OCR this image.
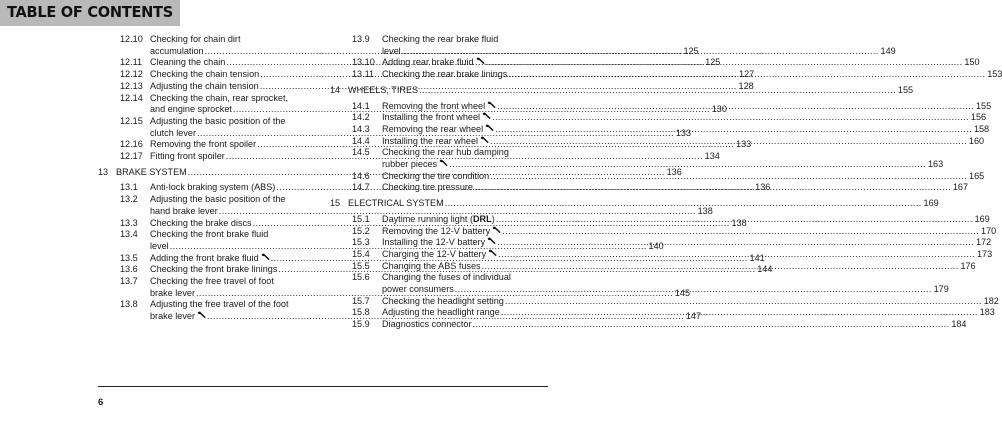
TABLE OF CONTENTS
12.10 Checking for chain dirt
accumulation .....	125
12.11 Cleaning the chain .....	125
12.12 Checking the chain tension .....	127
12.13 Adjusting the chain tension .....	128
12.14 Checking the chain, rear sprocket,
and engine sprocket .....	130
12.15 Adjusting the basic position of the
clutch lever .....	133
12.16 Removing the front spoiler .....	133
12.17 Fitting front spoiler .....	134
13 BRAKE SYSTEM .....	136
13.1	Anti-lock braking system (ABS) .....	136
13.2	Adjusting the basic position of the
hand brake lever .....	138
13.3	Checking the brake discs .....	138
13.4	Checking the front brake fluid
level .....	140
13.5	Adding the front brake fluid .....	141
13.6	Checking the front brake linings .....	144
13.7	Checking the free travel of foot
brake lever .....	145
13.8	Adjusting the free travel of the foot
brake lever .....	147
13.9	Checking the rear brake fluid
level .....	149
13.10 Adding rear brake fluid .....	150
13.11 Checking the rear brake linings .....	153
14 WHEELS, TIRES .....	155
14.1	Removing the front wheel .....	155
14.2	Installing the front wheel .....	156
14.3	Removing the rear wheel .....	158
14.4	Installing the rear wheel .....	160
14.5	Checking the rear hub damping
rubber pieces .....	163
14.6	Checking the tire condition .....	165
14.7	Checking tire pressure .....	167
15 ELECTRICAL SYSTEM .....	169
15.1	Daytime running light (DRL) .....	169
15.2	Removing the 12-V battery .....	170
15.3	Installing the 12-V battery .....	172
15.4	Charging the 12-V battery .....	173
15.5	Changing the ABS fuses .....	176
15.6	Changing the fuses of individual
power consumers .....	179
15.7	Checking the headlight setting .....	182
15.8	Adjusting the headlight range .....	183
15.9	Diagnostics connector .....	184
6
